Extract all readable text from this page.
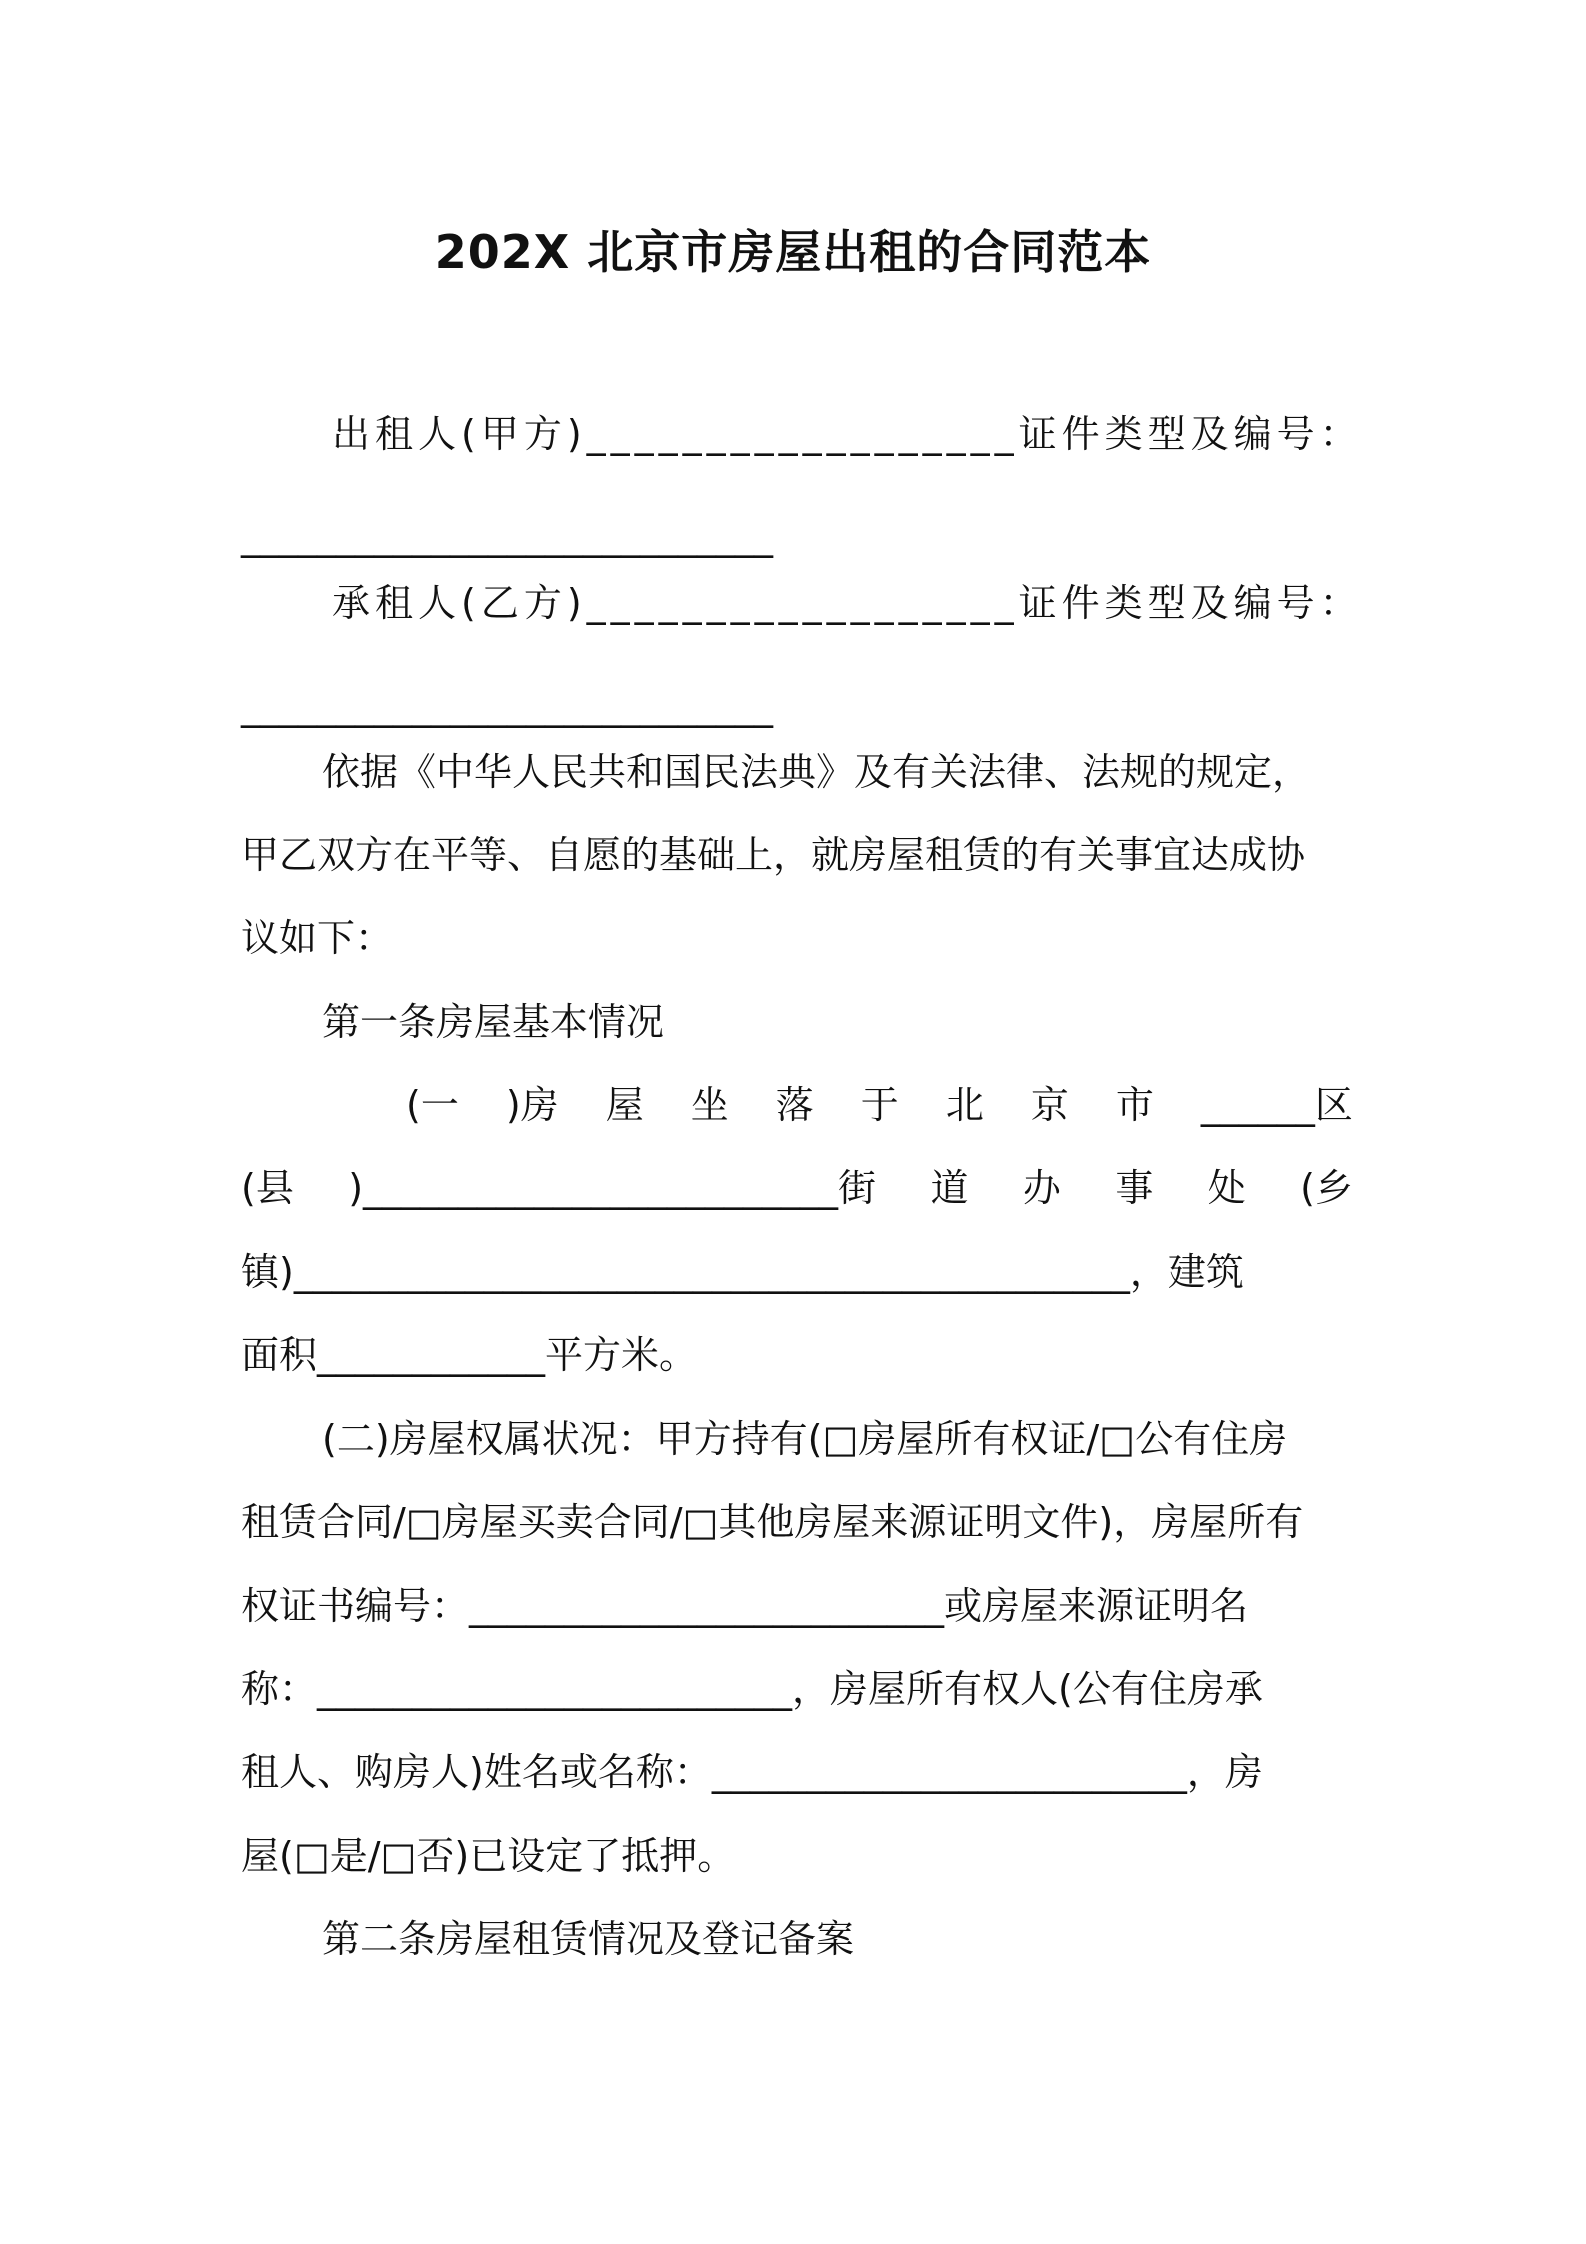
202X 北京市房屋出租的合同范本
出租人(甲方)__________________证件类型及编号：
____________________________
承租人(乙方)__________________证件类型及编号：
____________________________
依据《中华人民共和国民法典》及有关法律、法规的规定，
甲乙双方在平等、自愿的基础上，就房屋租赁的有关事宜达成协
议如下：
第一条房屋基本情况
(一 )房 屋 坐 落 于 北 京 市 ______区
(县 )_________________________街 道 办 事 处 (乡
镇)____________________________________________，建筑
面积____________平方米。
(二)房屋权属状况：甲方持有(□房屋所有权证/□公有住房
租赁合同/□房屋买卖合同/□其他房屋来源证明文件)，房屋所有
权证书编号：_________________________或房屋来源证明名
称：_________________________，房屋所有权人(公有住房承
租人、购房人)姓名或名称：_________________________，房
屋(□是/□否)已设定了抵押。
第二条房屋租赁情况及登记备案
